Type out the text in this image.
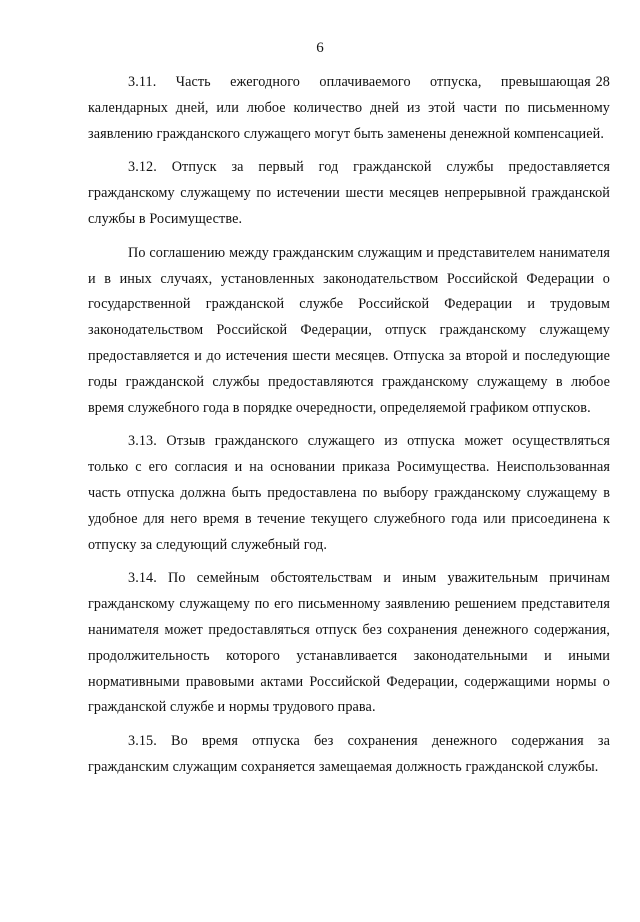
6

3.11.    Часть    ежегодного    оплачиваемого    отпуска,    превышающая 28 календарных дней, или любое количество дней из этой части по письменному заявлению гражданского служащего могут быть заменены денежной компенсацией.

3.12. Отпуск за первый год гражданской службы предоставляется гражданскому служащему по истечении шести месяцев непрерывной гражданской службы в Росимуществе.

По соглашению между гражданским служащим и представителем нанимателя и в иных случаях, установленных законодательством Российской Федерации о государственной гражданской службе Российской Федерации и трудовым законодательством Российской Федерации, отпуск гражданскому служащему предоставляется и до истечения шести месяцев. Отпуска за второй и последующие годы гражданской службы предоставляются гражданскому служащему в любое время служебного года в порядке очередности, определяемой графиком отпусков.

3.13. Отзыв гражданского служащего из отпуска может осуществляться только с его согласия и на основании приказа Росимущества. Неиспользованная часть отпуска должна быть предоставлена по выбору гражданскому служащему в удобное для него время в течение текущего служебного года или присоединена к отпуску за следующий служебный год.

3.14. По семейным обстоятельствам и иным уважительным причинам гражданскому служащему по его письменному заявлению решением представителя нанимателя может предоставляться отпуск без сохранения денежного содержания, продолжительность которого устанавливается законодательными и иными нормативными правовыми актами Российской Федерации, содержащими нормы о гражданской службе и нормы трудового права.

3.15. Во время отпуска без сохранения денежного содержания за гражданским служащим сохраняется замещаемая должность гражданской службы.
